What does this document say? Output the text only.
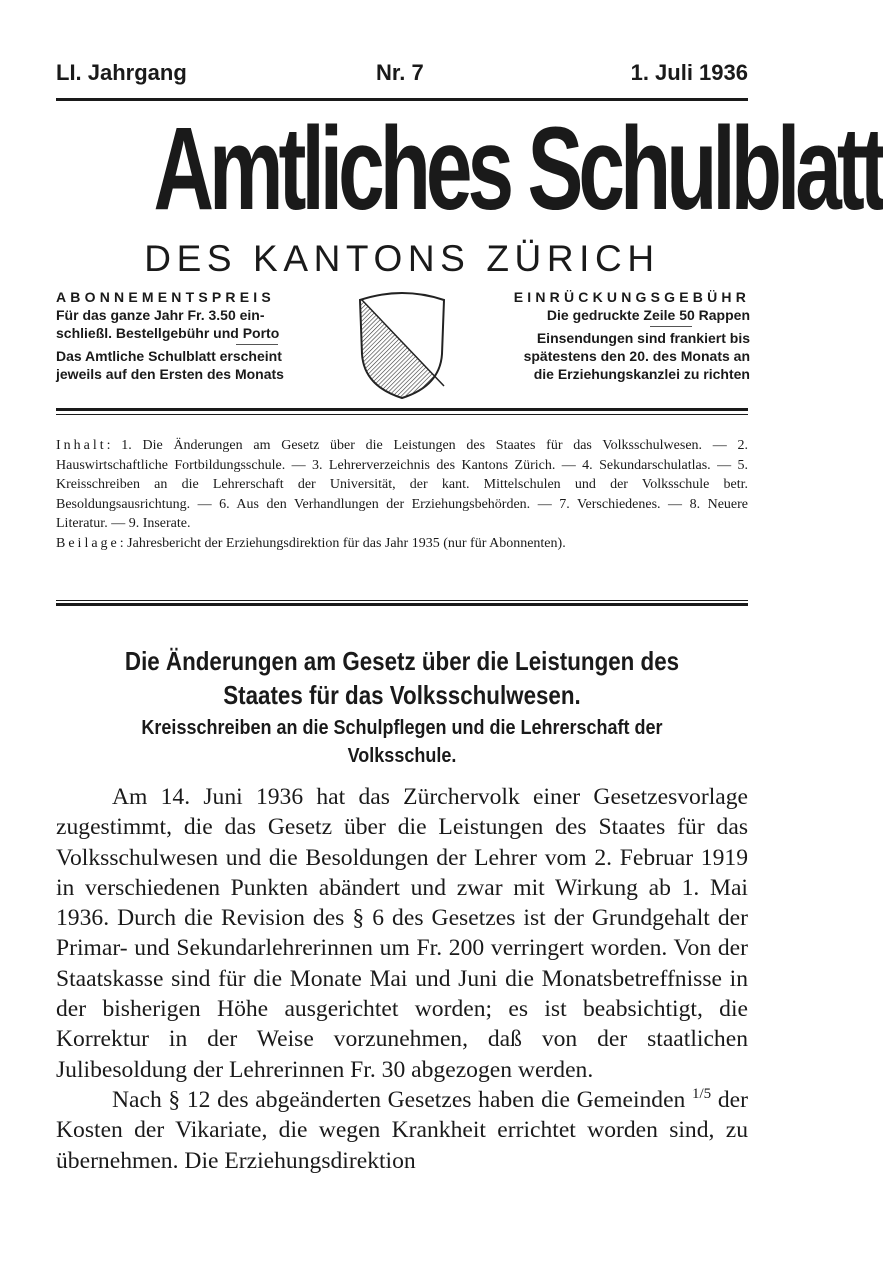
LI. Jahrgang	Nr. 7	1. Juli 1936
Amtliches Schulblatt
DES KANTONS ZÜRICH
ABONNEMENTSPREIS
Für das ganze Jahr Fr. 3.50 ein-
schließl. Bestellgebühr und Porto
Das Amtliche Schulblatt erscheint
jeweils auf den Ersten des Monats
EINRÜCKUNGSGEBÜHR
Die gedruckte Zeile 50 Rappen
Einsendungen sind frankiert bis
spätestens den 20. des Monats an
die Erziehungskanzlei zu richten
Inhalt: 1. Die Änderungen am Gesetz über die Leistungen des Staates für das Volksschulwesen. — 2. Hauswirtschaftliche Fortbildungsschule. — 3. Lehrerverzeichnis des Kantons Zürich. — 4. Sekundarschulatlas. — 5. Kreisschreiben an die Lehrerschaft der Universität, der kant. Mittelschulen und der Volksschule betr. Besoldungsausrichtung. — 6. Aus den Verhandlungen der Erziehungsbehörden. — 7. Verschiedenes. — 8. Neuere Literatur. — 9. Inserate.
Beilage: Jahresbericht der Erziehungsdirektion für das Jahr 1935 (nur für Abonnenten).
Die Änderungen am Gesetz über die Leistungen des Staates für das Volksschulwesen.
Kreisschreiben an die Schulpflegen und die Lehrerschaft der Volksschule.

Am 14. Juni 1936 hat das Zürchervolk einer Gesetzesvorlage zugestimmt, die das Gesetz über die Leistungen des Staates für das Volksschulwesen und die Besoldungen der Lehrer vom 2. Februar 1919 in verschiedenen Punkten abändert und zwar mit Wirkung ab 1. Mai 1936. Durch die Revision des § 6 des Gesetzes ist der Grundgehalt der Primar- und Sekundarlehrerinnen um Fr. 200 verringert worden. Von der Staatskasse sind für die Monate Mai und Juni die Monatsbetreffnisse in der bisherigen Höhe ausgerichtet worden; es ist beabsichtigt, die Korrektur in der Weise vorzunehmen, daß von der staatlichen Julibesoldung der Lehrerinnen Fr. 30 abgezogen werden.

Nach § 12 des abgeänderten Gesetzes haben die Gemeinden $^{1/5}$ der Kosten der Vikariate, die wegen Krankheit errichtet worden sind, zu übernehmen. Die Erziehungsdirektion
